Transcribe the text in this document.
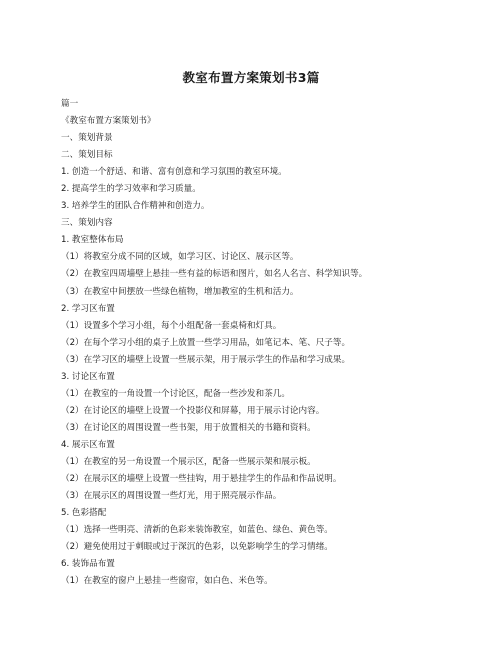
教室布置方案策划书3篇
篇一
《教室布置方案策划书》
一、策划背景
二、策划目标
1. 创造一个舒适、和谐、富有创意和学习氛围的教室环境。
2. 提高学生的学习效率和学习质量。
3. 培养学生的团队合作精神和创造力。
三、策划内容
1. 教室整体布局
（1）将教室分成不同的区域，如学习区、讨论区、展示区等。
（2）在教室四周墙壁上悬挂一些有益的标语和图片，如名人名言、科学知识等。
（3）在教室中间摆放一些绿色植物，增加教室的生机和活力。
2. 学习区布置
（1）设置多个学习小组，每个小组配备一套桌椅和灯具。
（2）在每个学习小组的桌子上放置一些学习用品，如笔记本、笔、尺子等。
（3）在学习区的墙壁上设置一些展示架，用于展示学生的作品和学习成果。
3. 讨论区布置
（1）在教室的一角设置一个讨论区，配备一些沙发和茶几。
（2）在讨论区的墙壁上设置一个投影仪和屏幕，用于展示讨论内容。
（3）在讨论区的周围设置一些书架，用于放置相关的书籍和资料。
4. 展示区布置
（1）在教室的另一角设置一个展示区，配备一些展示架和展示板。
（2）在展示区的墙壁上设置一些挂钩，用于悬挂学生的作品和作品说明。
（3）在展示区的周围设置一些灯光，用于照亮展示作品。
5. 色彩搭配
（1）选择一些明亮、清新的色彩来装饰教室，如蓝色、绿色、黄色等。
（2）避免使用过于刺眼或过于深沉的色彩，以免影响学生的学习情绪。
6. 装饰品布置
（1）在教室的窗户上悬挂一些窗帘，如白色、米色等。
